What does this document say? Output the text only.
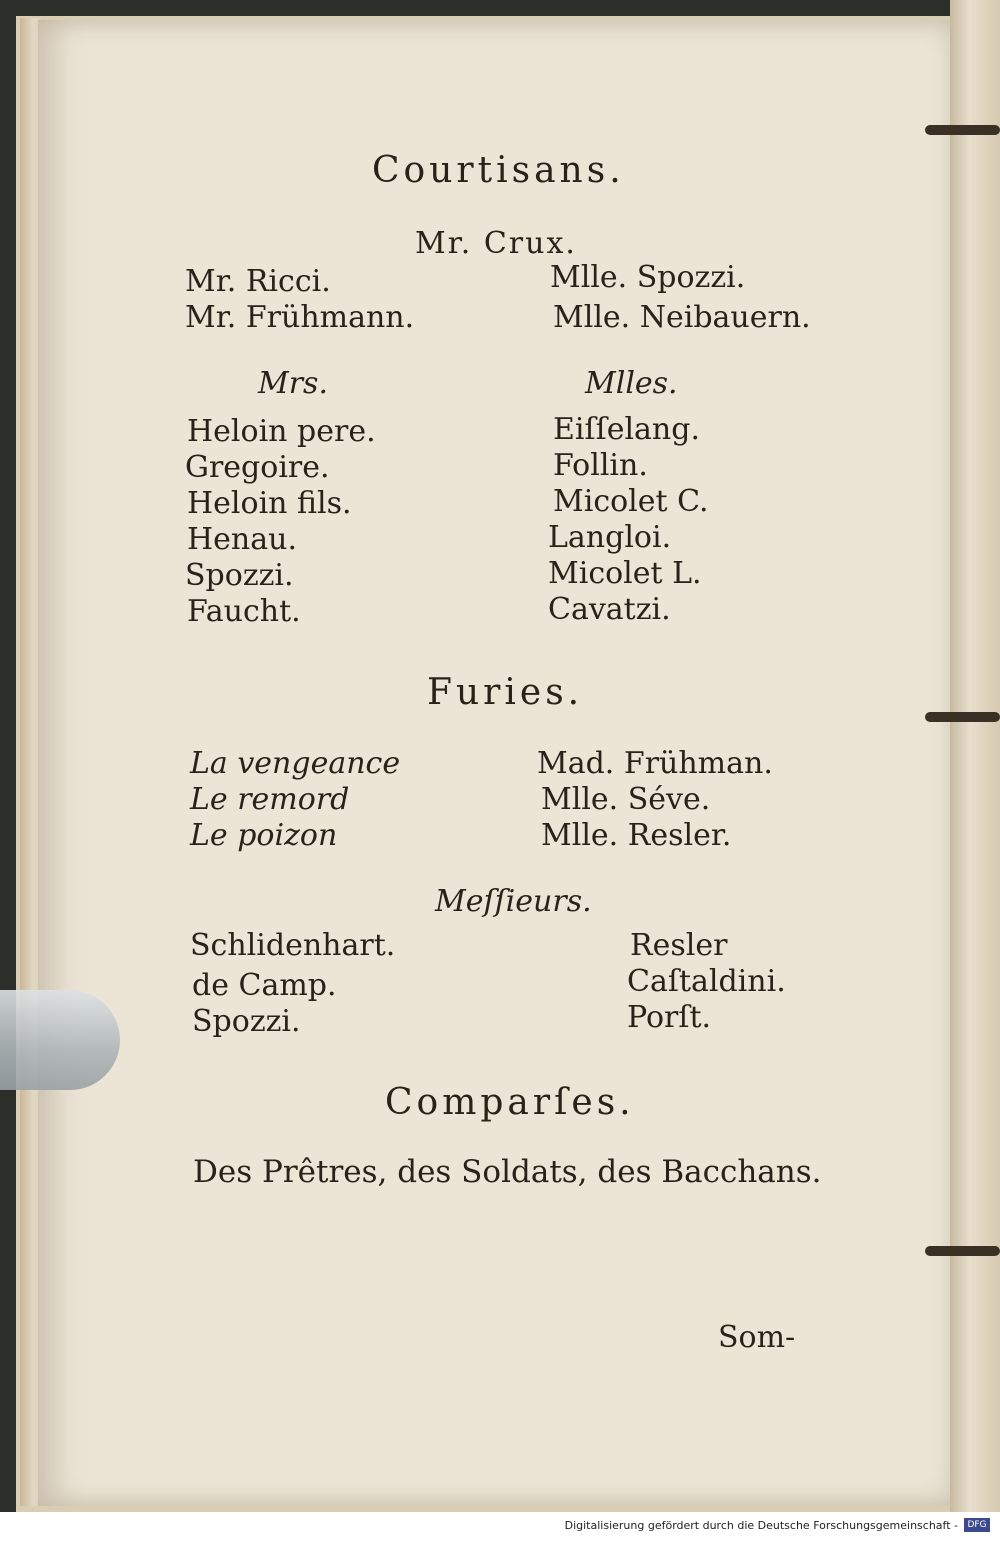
Courtisans.
Mr. Crux.
Mr. Ricci.
Mr. Frühmann.
Mlle. Spozzi.
Mlle. Neibauern.
Mrs.	Mlles.
Heloin pere.
Gregoire.
Heloin fils.
Henau.
Spozzi.
Faucht.
Eiſſelang.
Follin.
Micolet C.
Langloi.
Micolet L.
Cavatzi.
Furies.
La vengeance
Le remord
Le poizon
Mad. Frühman.
Mlle. Séve.
Mlle. Resler.
Meſſieurs.
Schlidenhart.
de Camp.
Spozzi.
Resler
Caſtaldini.
Porſt.
Comparſes.
Des Prêtres, des Soldats, des Bacchans.
Som-
Digitalisierung gefördert durch die Deutsche Forschungsgemeinschaft -	DFG
